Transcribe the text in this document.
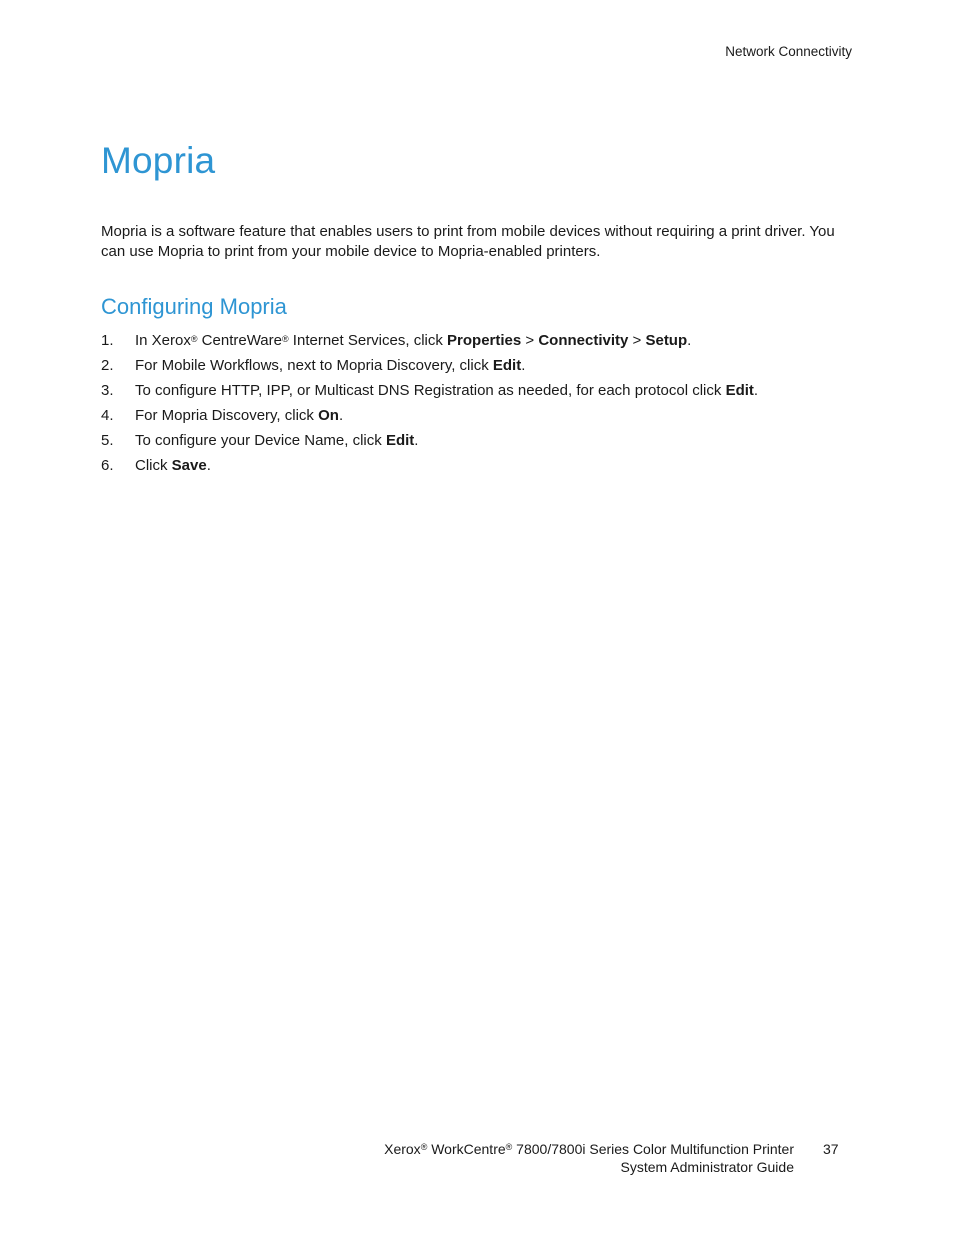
Network Connectivity
Mopria

Mopria is a software feature that enables users to print from mobile devices without requiring a print driver. You can use Mopria to print from your mobile device to Mopria-enabled printers.

Configuring Mopria
1.	In Xerox® CentreWare® Internet Services, click Properties > Connectivity > Setup.
2.	For Mobile Workflows, next to Mopria Discovery, click Edit.
3.	To configure HTTP, IPP, or Multicast DNS Registration as needed, for each protocol click Edit.
4.	For Mopria Discovery, click On.
5.	To configure your Device Name, click Edit.
6.	Click Save.
Xerox® WorkCentre® 7800/7800i Series Color Multifunction Printer
System Administrator Guide
37
